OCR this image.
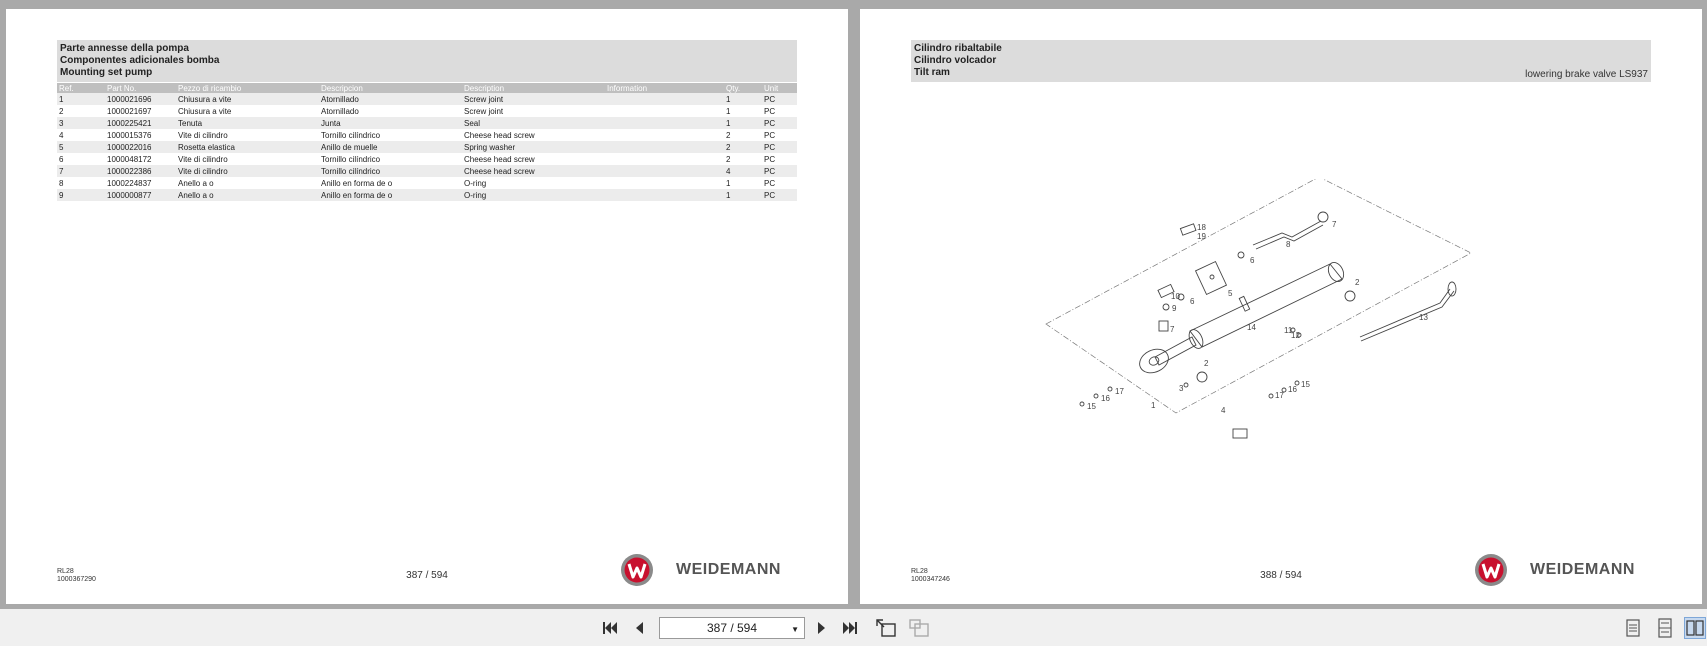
Parte annesse della pompa
Componentes adicionales bomba
Mounting set pump
Ref.	Part No.	Pezzo di ricambio	Descripcion	Description	Information	Qty.	Unit
1	1000021696	Chiusura a vite	Atornillado	Screw joint		1	PC
2	1000021697	Chiusura a vite	Atornillado	Screw joint		1	PC
3	1000225421	Tenuta	Junta	Seal		1	PC
4	1000015376	Vite di cilindro	Tornillo cilíndrico	Cheese head screw		2	PC
5	1000022016	Rosetta elastica	Anillo de muelle	Spring washer		2	PC
6	1000048172	Vite di cilindro	Tornillo cilíndrico	Cheese head screw		2	PC
7	1000022386	Vite di cilindro	Tornillo cilíndrico	Cheese head screw		4	PC
8	1000224837	Anello a o	Anillo en forma de o	O-ring		1	PC
9	1000000877	Anello a o	Anillo en forma de o	O-ring		1	PC
RL28
1000367290	387 / 594	WEIDEMANN
Cilindro ribaltabile
Cilindro volcador
Tilt ram	lowering brake valve LS937
18
19
7
8
6
2
5
10
6
9
7	14	11
12
13
2
3	15
16
17
17
16
15	1
4
RL28
1000347246	388 / 594	WEIDEMANN
387 / 594	▼
